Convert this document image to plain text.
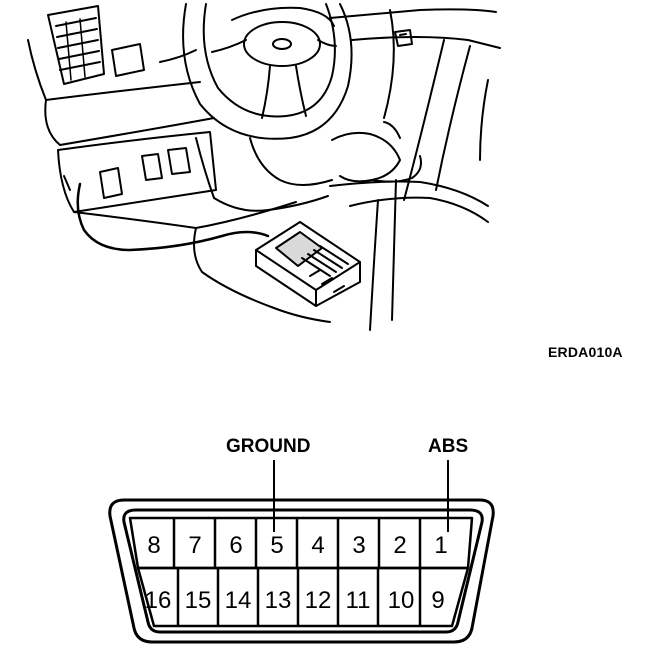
8 7 6 5 4 3 2 1
16 15 14 13 12 11 10 9
ERDA010A
GROUND	ABS
